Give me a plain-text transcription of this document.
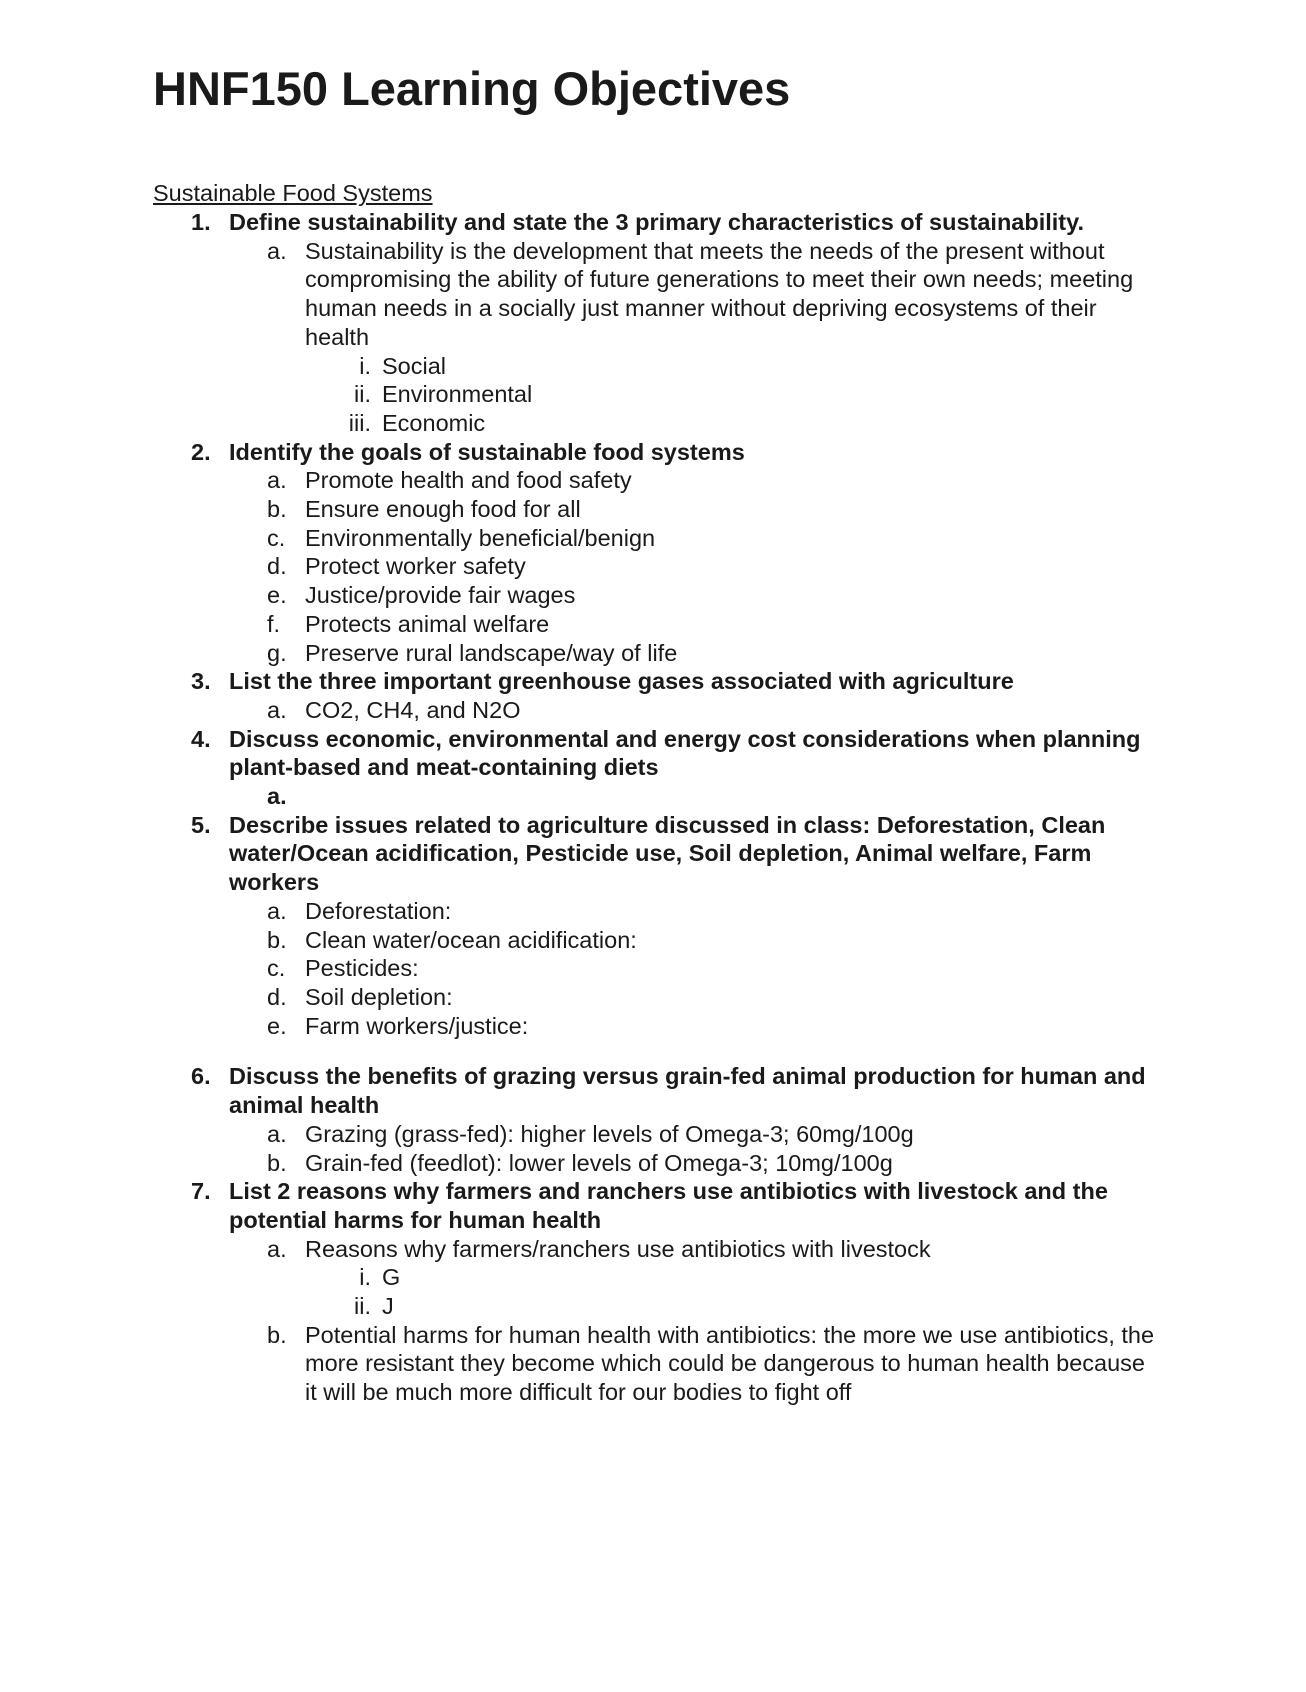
HNF150 Learning Objectives
Sustainable Food Systems
1. Define sustainability and state the 3 primary characteristics of sustainability.
a. Sustainability is the development that meets the needs of the present without compromising the ability of future generations to meet their own needs; meeting human needs in a socially just manner without depriving ecosystems of their health
i. Social
ii. Environmental
iii. Economic
2. Identify the goals of sustainable food systems
a. Promote health and food safety
b. Ensure enough food for all
c. Environmentally beneficial/benign
d. Protect worker safety
e. Justice/provide fair wages
f. Protects animal welfare
g. Preserve rural landscape/way of life
3. List the three important greenhouse gases associated with agriculture
a. CO2, CH4, and N2O
4. Discuss economic, environmental and energy cost considerations when planning plant-based and meat-containing diets
a.

5. Describe issues related to agriculture discussed in class: Deforestation, Clean water/Ocean acidification, Pesticide use, Soil depletion, Animal welfare, Farm workers
a. Deforestation:
b. Clean water/ocean acidification:
c. Pesticides:
d. Soil depletion:
e. Farm workers/justice:
6. Discuss the benefits of grazing versus grain-fed animal production for human and animal health
a. Grazing (grass-fed): higher levels of Omega-3; 60mg/100g
b. Grain-fed (feedlot): lower levels of Omega-3; 10mg/100g
7. List 2 reasons why farmers and ranchers use antibiotics with livestock and the potential harms for human health
a. Reasons why farmers/ranchers use antibiotics with livestock
i. G
ii. J
b. Potential harms for human health with antibiotics: the more we use antibiotics, the more resistant they become which could be dangerous to human health because it will be much more difficult for our bodies to fight off
